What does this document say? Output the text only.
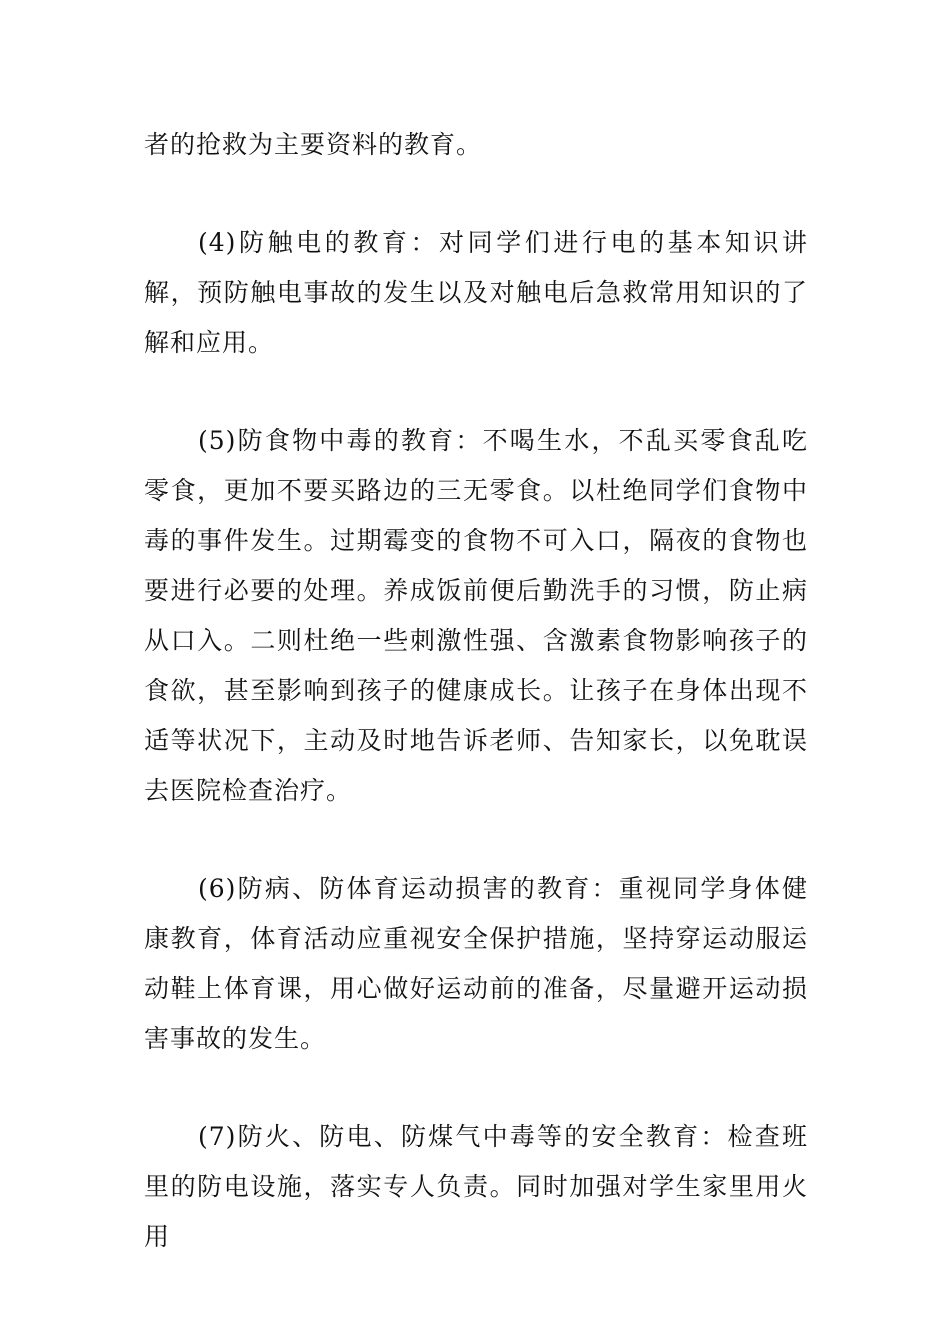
者的抢救为主要资料的教育。

(4)防触电的教育：对同学们进行电的基本知识讲解，预防触电事故的发生以及对触电后急救常用知识的了解和应用。

(5)防食物中毒的教育：不喝生水，不乱买零食乱吃零食，更加不要买路边的三无零食。以杜绝同学们食物中毒的事件发生。过期霉变的食物不可入口，隔夜的食物也要进行必要的处理。养成饭前便后勤洗手的习惯，防止病从口入。二则杜绝一些刺激性强、含激素食物影响孩子的食欲，甚至影响到孩子的健康成长。让孩子在身体出现不适等状况下，主动及时地告诉老师、告知家长，以免耽误去医院检查治疗。

(6)防病、防体育运动损害的教育：重视同学身体健康教育，体育活动应重视安全保护措施，坚持穿运动服运动鞋上体育课，用心做好运动前的准备，尽量避开运动损害事故的发生。

(7)防火、防电、防煤气中毒等的安全教育：检查班里的防电设施，落实专人负责。同时加强对学生家里用火用
